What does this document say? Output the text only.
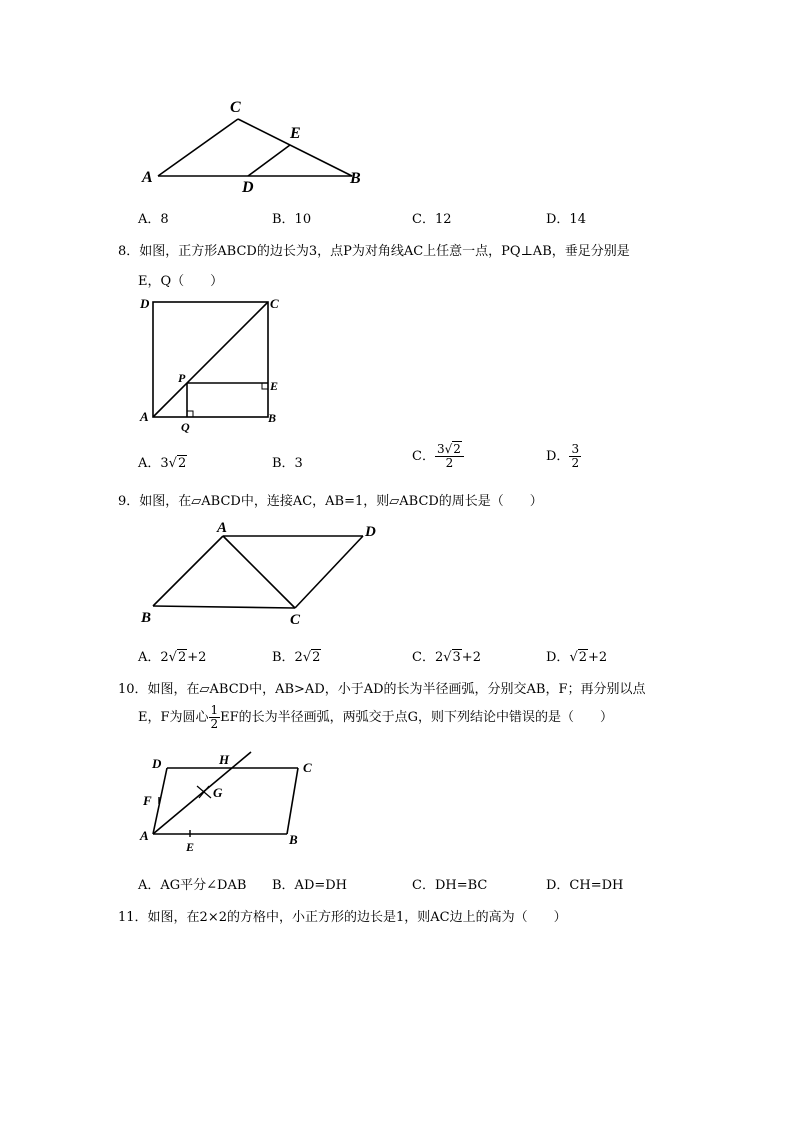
C
E
A
D
B
A．8	B．10	C．12	D．14
8．如图，正方形ABCD的边长为3，点P为对角线AC上任意一点，PQ⊥AB，垂足分别是
E，Q（　　）
D	C
P
E
A
Q
B
A．3√2	B．3	C． $\frac{3√2}{2}$	D． $\frac{3}{2}$
9．如图，在▱ABCD中，连接AC，AB=1，则▱ABCD的周长是（　　）
A	D
B	C
A．2√2+2	B．2√2	C．2√3+2	D．√2+2
10．如图，在▱ABCD中，AB>AD，小于AD的长为半径画弧，分别交AB，F；再分别以点
E，F为圆心 $\frac{1}{2}$ EF的长为半径画弧，两弧交于点G，则下列结论中错误的是（　　）
D	H
C
F
G
A
E	B
A．AG平分∠DAB B．AD=DH	C．DH=BC	D．CH=DH
11．如图，在2×2的方格中，小正方形的边长是1，则AC边上的高为（　　）
